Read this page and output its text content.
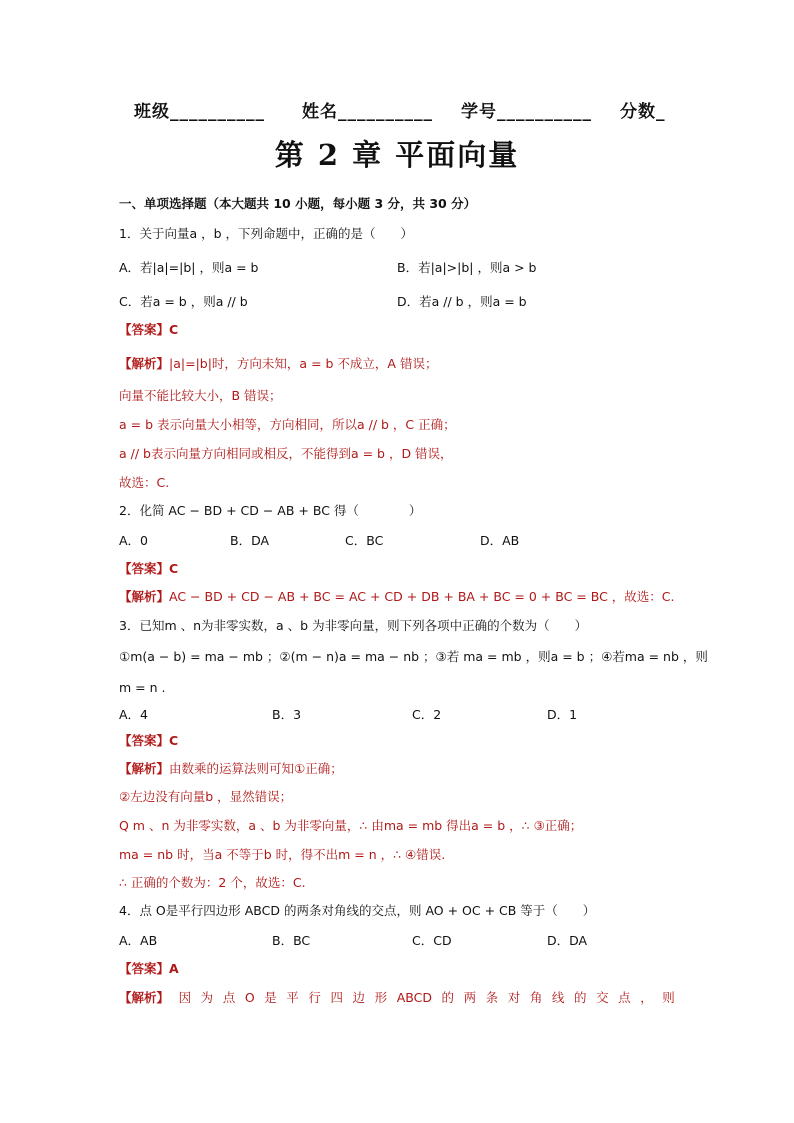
班级__________ 姓名__________ 学号__________ 分数_
第 2 章 平面向量
一、单项选择题（本大题共 10 小题，每小题 3 分，共 30 分）
1．关于向量a ，b ，下列命题中，正确的是（　　）
A．若|a|=|b| ，则a = b	B．若|a|>|b| ，则a > b
C．若a = b ，则a // b	D．若a // b ，则a = b
【答案】C
【解析】|a|=|b|时，方向未知，a = b 不成立，A 错误；
向量不能比较大小，B 错误；
a = b 表示向量大小相等，方向相同，所以a // b ，C 正确；
a // b表示向量方向相同或相反，不能得到a = b ，D 错误，
故选：C.
2．化简 AC − BD + CD − AB + BC 得（　　　　）
A．0	B．DA	C．BC	D．AB
【答案】C
【解析】AC − BD + CD − AB + BC = AC + CD + DB + BA + BC = 0 + BC = BC ，故选：C.
3．已知m 、n为非零实数，a 、b 为非零向量，则下列各项中正确的个数为（　　）
①m(a − b) = ma − mb ；②(m − n)a = ma − nb ；③若 ma = mb ，则a = b ；④若ma = nb ，则
m = n .
A．4	B．3	C．2	D．1
【答案】C
【解析】由数乘的运算法则可知①正确；
②左边没有向量b ，显然错误；
Q m 、n 为非零实数，a 、b 为非零向量，∴ 由ma = mb 得出a = b ，∴ ③正确；
ma = nb 时，当a 不等于b 时，得不出m = n ，∴ ④错误.
∴ 正确的个数为：2 个，故选：C.
4．点 O是平行四边形 ABCD 的两条对角线的交点，则 AO + OC + CB 等于（　　）
A．AB	B．BC	C．CD	D．DA
【答案】A
【解析】 因 为 点 O 是 平 行 四 边 形 ABCD 的 两 条 对 角 线 的 交 点 ， 则
